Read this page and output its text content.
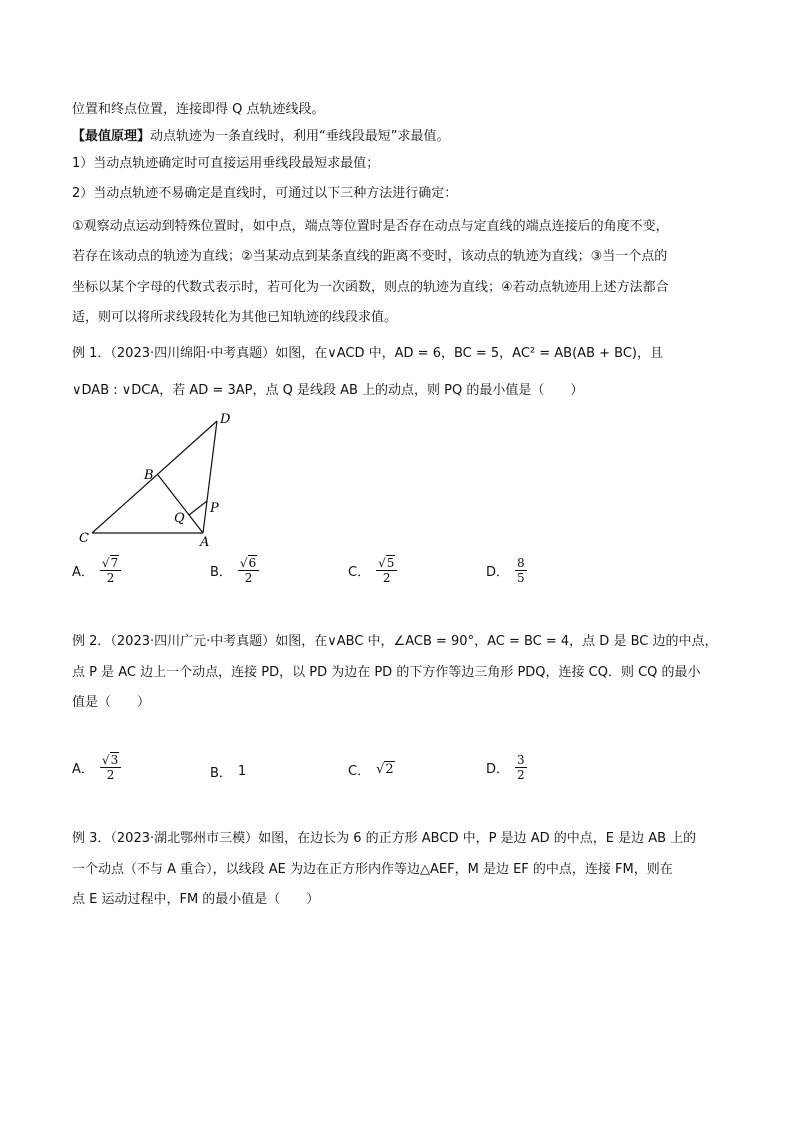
位置和终点位置，连接即得 Q 点轨迹线段。
【最值原理】动点轨迹为一条直线时，利用“垂线段最短”求最值。
1）当动点轨迹确定时可直接运用垂线段最短求最值；
2）当动点轨迹不易确定是直线时，可通过以下三种方法进行确定：
①观察动点运动到特殊位置时，如中点，端点等位置时是否存在动点与定直线的端点连接后的角度不变，
若存在该动点的轨迹为直线；②当某动点到某条直线的距离不变时，该动点的轨迹为直线；③当一个点的
坐标以某个字母的代数式表示时，若可化为一次函数，则点的轨迹为直线；④若动点轨迹用上述方法都合
适，则可以将所求线段转化为其他已知轨迹的线段求值。
例 1．（2023·四川绵阳·中考真题）如图，在∨ACD 中，AD = 6，BC = 5，AC² = AB(AB + BC)，且
∨DAB : ∨DCA，若 AD = 3AP，点 Q 是线段 AB 上的动点，则 PQ 的最小值是（　　）
D
B
P
Q
C	A
A． $\frac{√7}{2}$	B． $\frac{√6}{2}$	C． $\frac{√5}{2}$	D． $\frac{8}{5}$
例 2．（2023·四川广元·中考真题）如图，在∨ABC 中，∠ACB = 90°，AC = BC = 4，点 D 是 BC 边的中点，
点 P 是 AC 边上一个动点，连接 PD，以 PD 为边在 PD 的下方作等边三角形 PDQ，连接 CQ．则 CQ 的最小
值是（　　）
A． $\frac{√3}{2}$	B． 1	C． √2	D． $\frac{3}{2}$
例 3．（2023·湖北鄂州市三模）如图，在边长为 6 的正方形 ABCD 中，P 是边 AD 的中点，E 是边 AB 上的
一个动点（不与 A 重合），以线段 AE 为边在正方形内作等边△AEF，M 是边 EF 的中点，连接 FM，则在
点 E 运动过程中，FM 的最小值是（　　）
